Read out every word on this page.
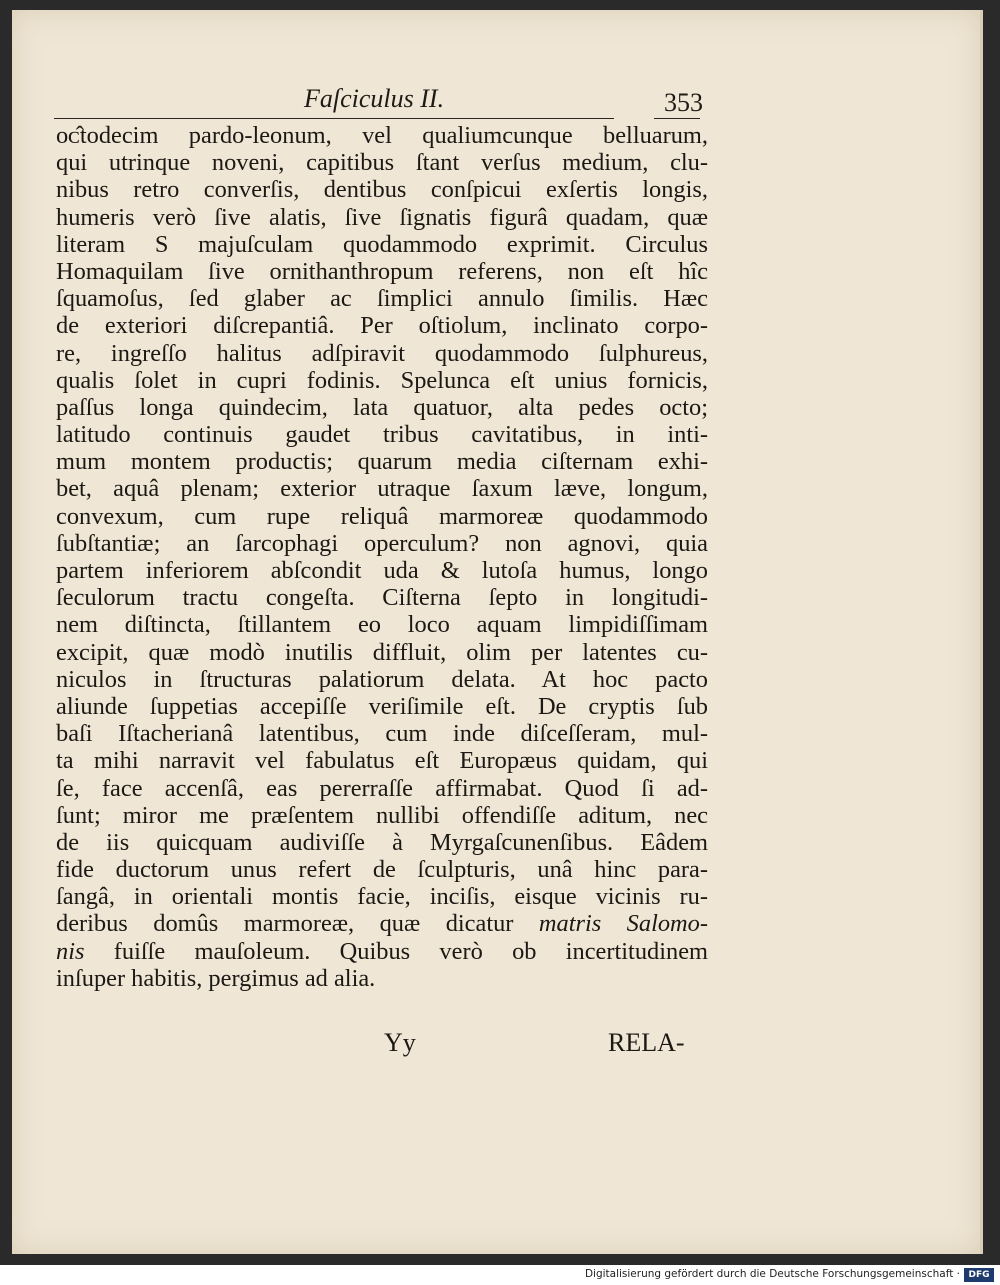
Faſciculus II.	353
oᴄ̂todecim pardo-leonum, vel qualiumcunque belluarum,
qui utrinque noveni, capitibus ſtant verſus medium, clu-
nibus retro converſis, dentibus conſpicui exſertis longis,
humeris verò ſive alatis, ſive ſignatis figurâ quadam, quæ
literam S majuſculam quodammodo exprimit. Circulus
Homaquilam ſive ornithanthropum referens, non eſt hîc
ſquamoſus, ſed glaber ac ſimplici annulo ſimilis. Hæc
de exteriori diſcrepantiâ. Per oſtiolum, inclinato corpo-
re, ingreſſo halitus adſpiravit quodammodo ſulphureus,
qualis ſolet in cupri fodinis. Spelunca eſt unius fornicis,
paſſus longa quindecim, lata quatuor, alta pedes octo;
latitudo continuis gaudet tribus cavitatibus, in inti-
mum montem productis; quarum media ciſternam exhi-
bet, aquâ plenam; exterior utraque ſaxum læve, longum,
convexum, cum rupe reliquâ marmoreæ quodammodo
ſubſtantiæ; an ſarcophagi operculum? non agnovi, quia
partem inferiorem abſcondit uda & lutoſa humus, longo
ſeculorum tractu congeſta. Ciſterna ſepto in longitudi-
nem diſtincta, ſtillantem eo loco aquam limpidiſſimam
excipit, quæ modò inutilis diffluit, olim per latentes cu-
niculos in ſtructuras palatiorum delata. At hoc pacto
aliunde ſuppetias accepiſſe veriſimile eſt. De cryptis ſub
baſi Iſtacherianâ latentibus, cum inde diſceſſeram, mul-
ta mihi narravit vel fabulatus eſt Europæus quidam, qui
ſe, face accenſâ, eas pererraſſe affirmabat. Quod ſi ad-
ſunt; miror me præſentem nullibi offendiſſe aditum, nec
de iis quicquam audiviſſe à Myrgaſcunenſibus. Eâdem
fide ductorum unus refert de ſculpturis, unâ hinc para-
ſangâ, in orientali montis facie, inciſis, eisque vicinis ru-
deribus domûs marmoreæ, quæ dicatur matris Salomo-
nis fuiſſe mauſoleum. Quibus verò ob incertitudinem
inſuper habitis, pergimus ad alia.
Yy	RELA-
Digitalisierung gefördert durch die Deutsche Forschungsgemeinschaft · DFG
